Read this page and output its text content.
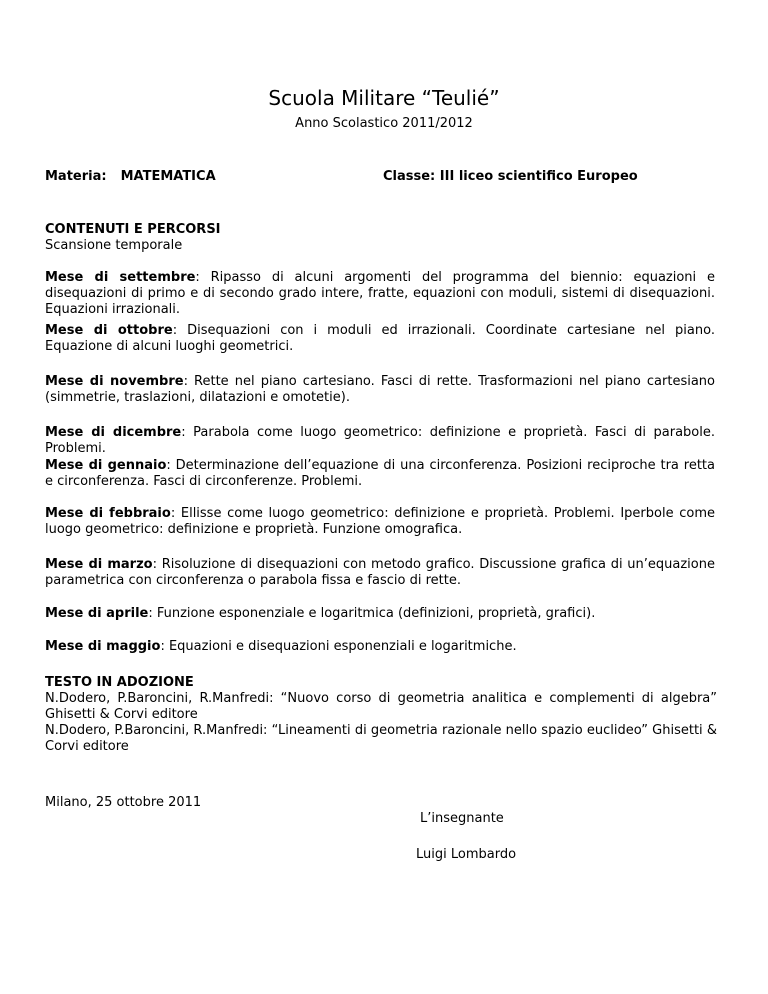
Scuola Militare “Teulié”
Anno Scolastico 2011/2012
Materia: MATEMATICA	Classe: III liceo scientifico Europeo
CONTENUTI E PERCORSI
Scansione temporale
Mese di settembre: Ripasso di alcuni argomenti del programma del biennio: equazioni e disequazioni di primo e di secondo grado intere, fratte, equazioni con moduli, sistemi di disequazioni. Equazioni irrazionali.
Mese di ottobre: Disequazioni con i moduli ed irrazionali. Coordinate cartesiane nel piano. Equazione di alcuni luoghi geometrici.
Mese di novembre: Rette nel piano cartesiano. Fasci di rette. Trasformazioni nel piano cartesiano (simmetrie, traslazioni, dilatazioni e omotetie).
Mese di dicembre: Parabola come luogo geometrico: definizione e proprietà. Fasci di parabole. Problemi.
Mese di gennaio: Determinazione dell’equazione di una circonferenza. Posizioni reciproche tra retta e circonferenza. Fasci di circonferenze. Problemi.
Mese di febbraio: Ellisse come luogo geometrico: definizione e proprietà. Problemi. Iperbole come luogo geometrico: definizione e proprietà. Funzione omografica.
Mese di marzo: Risoluzione di disequazioni con metodo grafico. Discussione grafica di un’equazione parametrica con circonferenza o parabola fissa e fascio di rette.
Mese di aprile: Funzione esponenziale e logaritmica (definizioni, proprietà, grafici).
Mese di maggio: Equazioni e disequazioni esponenziali e logaritmiche.
TESTO IN ADOZIONE
N.Dodero, P.Baroncini, R.Manfredi: “Nuovo corso di geometria analitica e complementi di algebra” Ghisetti & Corvi editore
N.Dodero, P.Baroncini, R.Manfredi: “Lineamenti di geometria razionale nello spazio euclideo” Ghisetti & Corvi editore
Milano, 25 ottobre 2011
L’insegnante
Luigi Lombardo
